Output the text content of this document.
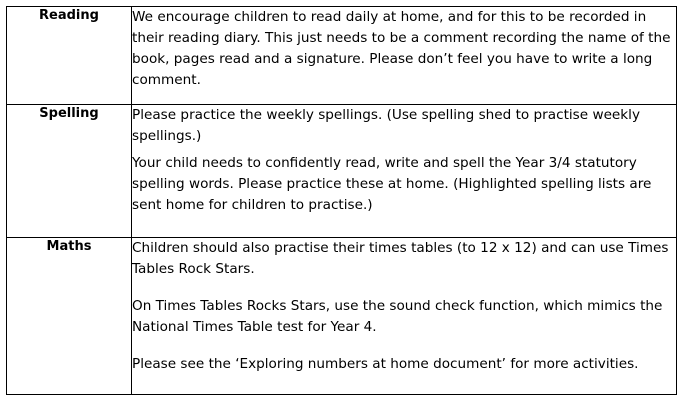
Reading	We encourage children to read daily at home, and for this to be recorded in their reading diary. This just needs to be a comment recording the name of the book, pages read and a signature. Please don’t feel you have to write a long comment.

Spelling	Please practice the weekly spellings. (Use spelling shed to practise weekly spellings.)

Your child needs to confidently read, write and spell the Year 3/4 statutory spelling words. Please practice these at home. (Highlighted spelling lists are sent home for children to practise.)

Maths	Children should also practise their times tables (to 12 x 12) and can use Times Tables Rock Stars.

On Times Tables Rocks Stars, use the sound check function, which mimics the National Times Table test for Year 4.

Please see the ‘Exploring numbers at home document’ for more activities.
